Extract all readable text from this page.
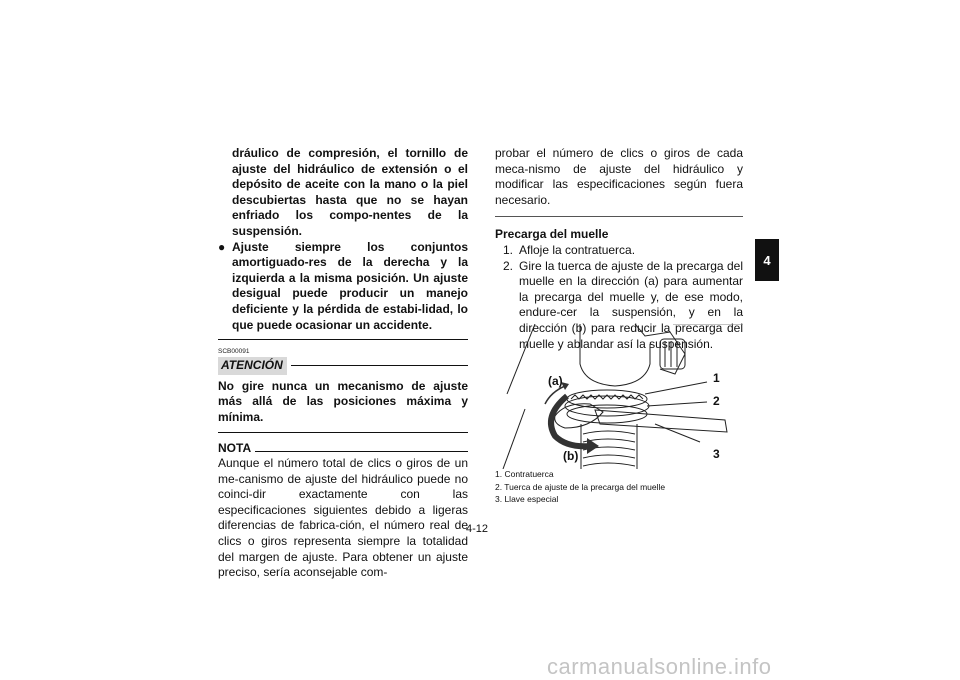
dráulico de compresión, el tornillo de ajuste del hidráulico de extensión o el depósito de aceite con la mano o la piel descubiertas hasta que no se hayan enfriado los compo-nentes de la suspensión.

● Ajuste siempre los conjuntos amortiguado-res de la derecha y la izquierda a la misma posición. Un ajuste desigual puede producir un manejo deficiente y la pérdida de estabi-lidad, lo que puede ocasionar un accidente.
SCB00091
ATENCIÓN

No gire nunca un mecanismo de ajuste más allá de las posiciones máxima y mínima.

NOTA

Aunque el número total de clics o giros de un me-canismo de ajuste del hidráulico puede no coinci-dir exactamente con las especificaciones siguientes debido a ligeras diferencias de fabrica-ción, el número real de clics o giros representa siempre la totalidad del margen de ajuste. Para obtener un ajuste preciso, sería aconsejable com-

probar el número de clics o giros de cada meca-nismo de ajuste del hidráulico y modificar las especificaciones según fuera necesario.

Precarga del muelle

1. Afloje la contratuerca.
2. Gire la tuerca de ajuste de la precarga del muelle en la dirección (a) para aumentar la precarga del muelle y, de ese modo, endure-cer la suspensión, y en la dirección (b) para reducir la precarga del muelle y ablandar así la suspensión.
(a)
(b)
1
2
3
1. Contratuerca
2. Tuerca de ajuste de la precarga del muelle
3. Llave especial
4
4-12
carmanualsonline.info
